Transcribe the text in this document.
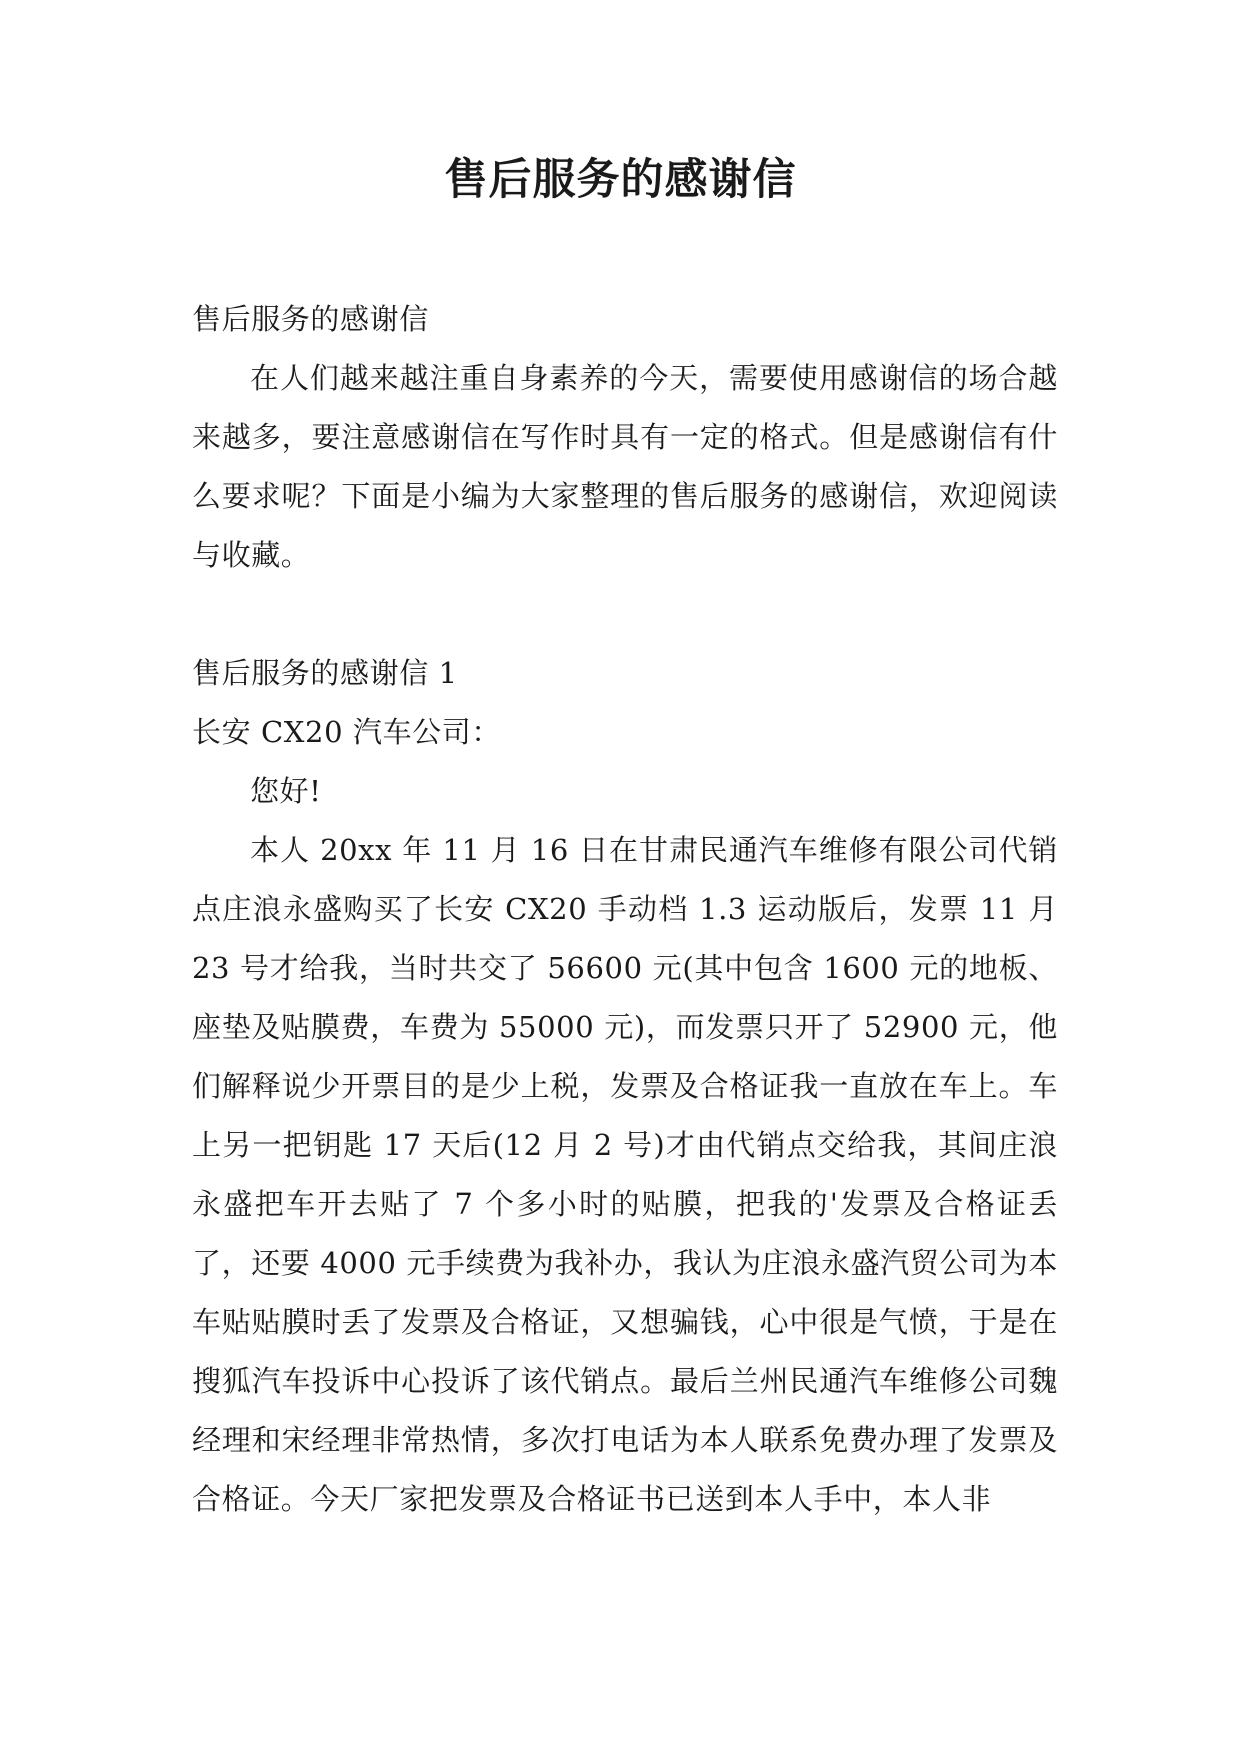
售后服务的感谢信

售后服务的感谢信

在人们越来越注重自身素养的今天，需要使用感谢信的场合越来越多，要注意感谢信在写作时具有一定的格式。但是感谢信有什么要求呢？下面是小编为大家整理的售后服务的感谢信，欢迎阅读与收藏。

售后服务的感谢信 1

长安 CX20 汽车公司：

您好!

本人 20xx 年 11 月 16 日在甘肃民通汽车维修有限公司代销点庄浪永盛购买了长安 CX20 手动档 1.3 运动版后，发票 11 月 23 号才给我，当时共交了 56600 元(其中包含 1600 元的地板、座垫及贴膜费，车费为 55000 元)，而发票只开了 52900 元，他们解释说少开票目的是少上税，发票及合格证我一直放在车上。车上另一把钥匙 17 天后(12 月 2 号)才由代销点交给我，其间庄浪永盛把车开去贴了 7 个多小时的贴膜，把我的'发票及合格证丢了，还要 4000 元手续费为我补办，我认为庄浪永盛汽贸公司为本车贴贴膜时丢了发票及合格证，又想骗钱，心中很是气愤，于是在搜狐汽车投诉中心投诉了该代销点。最后兰州民通汽车维修公司魏经理和宋经理非常热情，多次打电话为本人联系免费办理了发票及合格证。今天厂家把发票及合格证书已送到本人手中，本人非
